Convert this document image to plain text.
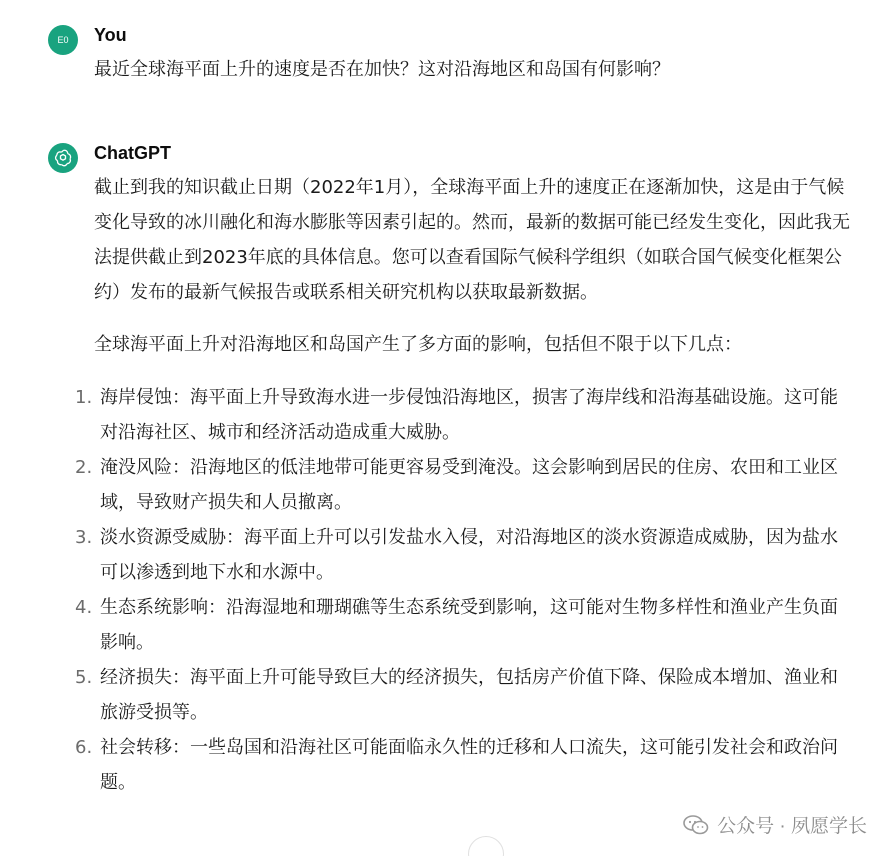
E0 You
最近全球海平面上升的速度是否在加快？这对沿海地区和岛国有何影响？
ChatGPT

截止到我的知识截止日期（2022年1月），全球海平面上升的速度正在逐渐加快，这是由于气候变化导致的冰川融化和海水膨胀等因素引起的。然而，最新的数据可能已经发生变化，因此我无法提供截止到2023年底的具体信息。您可以查看国际气候科学组织（如联合国气候变化框架公约）发布的最新气候报告或联系相关研究机构以获取最新数据。

全球海平面上升对沿海地区和岛国产生了多方面的影响，包括但不限于以下几点：

1. 海岸侵蚀：海平面上升导致海水进一步侵蚀沿海地区，损害了海岸线和沿海基础设施。这可能对沿海社区、城市和经济活动造成重大威胁。
2. 淹没风险：沿海地区的低洼地带可能更容易受到淹没。这会影响到居民的住房、农田和工业区域，导致财产损失和人员撤离。
3. 淡水资源受威胁：海平面上升可以引发盐水入侵，对沿海地区的淡水资源造成威胁，因为盐水可以渗透到地下水和水源中。
4. 生态系统影响：沿海湿地和珊瑚礁等生态系统受到影响，这可能对生物多样性和渔业产生负面影响。
5. 经济损失：海平面上升可能导致巨大的经济损失，包括房产价值下降、保险成本增加、渔业和旅游受损等。
6. 社会转移：一些岛国和沿海社区可能面临永久性的迁移和人口流失，这可能引发社会和政治问题。
公众号 · 夙愿学长
